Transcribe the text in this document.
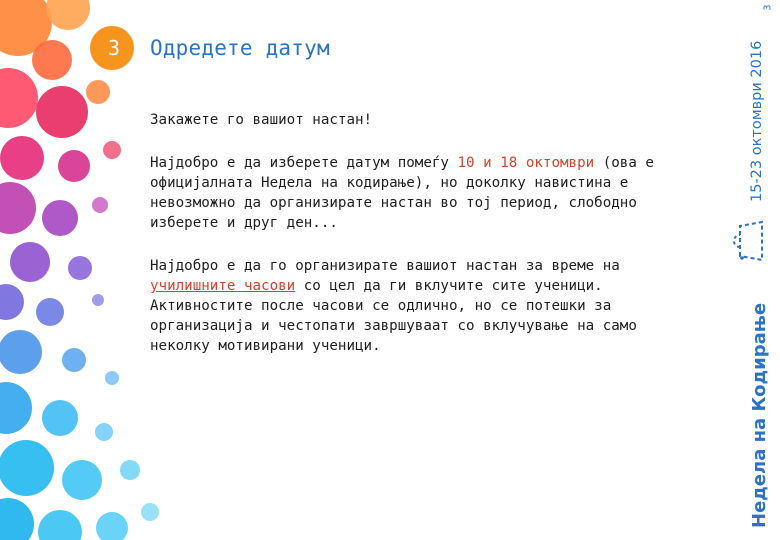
3 Одредете датум

Закажете го вашиот настан!

Најдобро е да изберете датум помеѓу 10 и 18 октомври (ова е официјалната Недела на кодирање), но доколку навистина е невозможно да организирате настан во тој период, слободно изберете и друг ден...

Најдобро е да го организирате вашиот настан за време на училишните часови со цел да ги вклучите сите ученици. Активностите после часови се одлично, но се потешки за организација и честопати завршуваат со вклучување на само неколку мотивирани ученици.

3
15-23 октомври 2016
Недела на Кодирање
